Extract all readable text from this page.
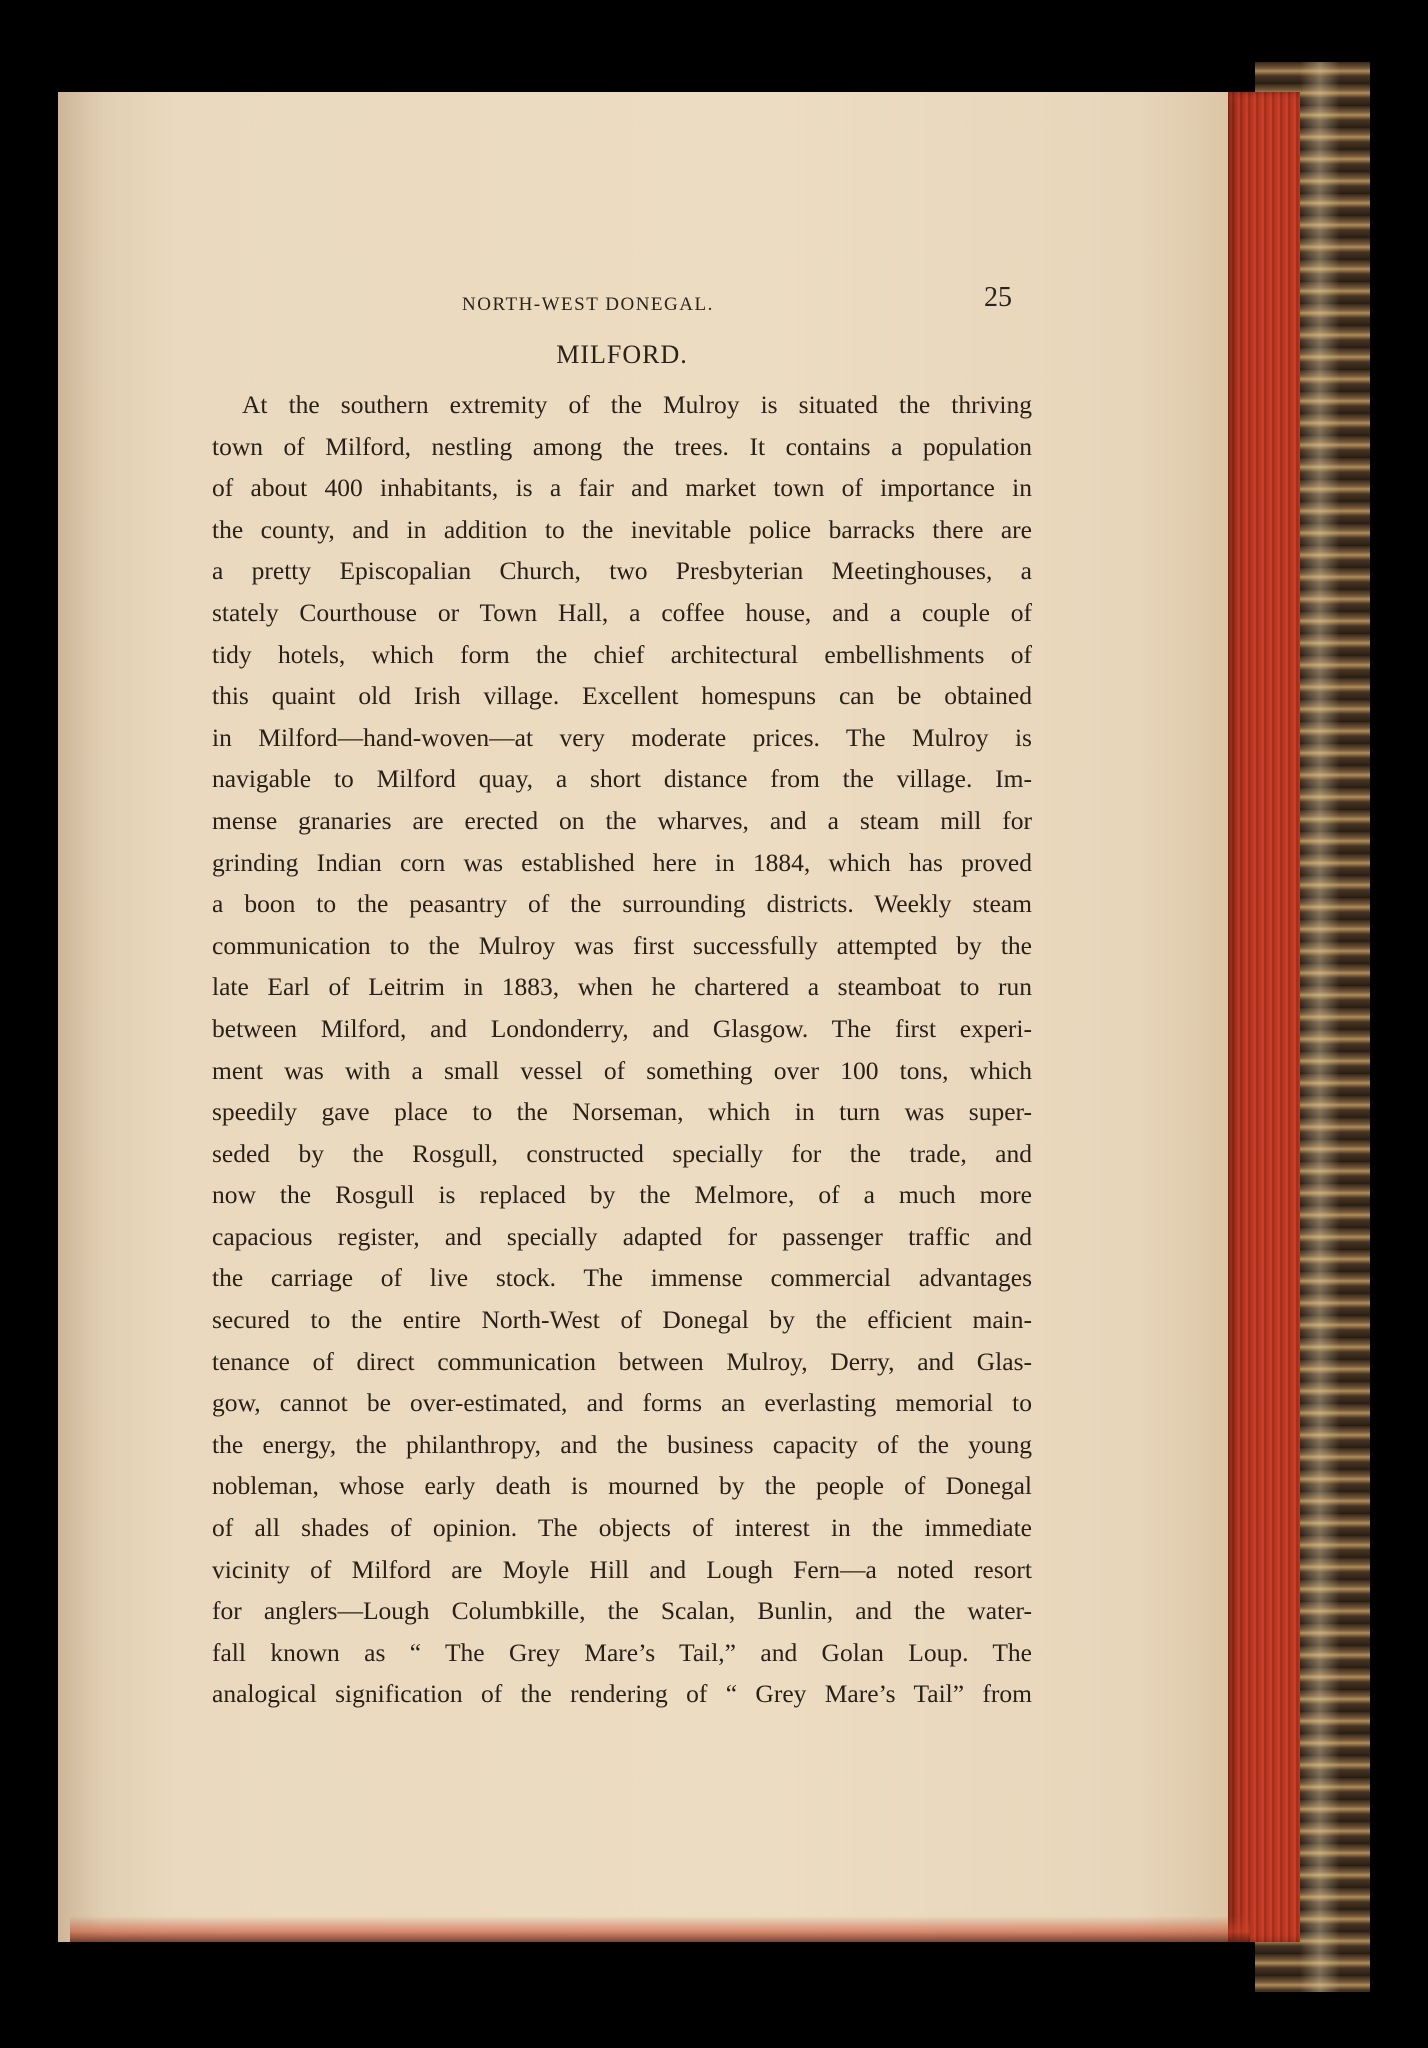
NORTH-WEST DONEGAL.	25
MILFORD.
At the southern extremity of the Mulroy is situated the thriving
town of Milford, nestling among the trees. It contains a population
of about 400 inhabitants, is a fair and market town of importance in
the county, and in addition to the inevitable police barracks there are
a pretty Episcopalian Church, two Presbyterian Meetinghouses, a
stately Courthouse or Town Hall, a coffee house, and a couple of
tidy hotels, which form the chief architectural embellishments of
this quaint old Irish village. Excellent homespuns can be obtained
in Milford—hand-woven—at very moderate prices. The Mulroy is
navigable to Milford quay, a short distance from the village. Im-
mense granaries are erected on the wharves, and a steam mill for
grinding Indian corn was established here in 1884, which has proved
a boon to the peasantry of the surrounding districts. Weekly steam
communication to the Mulroy was first successfully attempted by the
late Earl of Leitrim in 1883, when he chartered a steamboat to run
between Milford, and Londonderry, and Glasgow. The first experi-
ment was with a small vessel of something over 100 tons, which
speedily gave place to the Norseman, which in turn was super-
seded by the Rosgull, constructed specially for the trade, and
now the Rosgull is replaced by the Melmore, of a much more
capacious register, and specially adapted for passenger traffic and
the carriage of live stock. The immense commercial advantages
secured to the entire North-West of Donegal by the efficient main-
tenance of direct communication between Mulroy, Derry, and Glas-
gow, cannot be over-estimated, and forms an everlasting memorial to
the energy, the philanthropy, and the business capacity of the young
nobleman, whose early death is mourned by the people of Donegal
of all shades of opinion. The objects of interest in the immediate
vicinity of Milford are Moyle Hill and Lough Fern—a noted resort
for anglers—Lough Columbkille, the Scalan, Bunlin, and the water-
fall known as “ The Grey Mare’s Tail,” and Golan Loup. The
analogical signification of the rendering of “ Grey Mare’s Tail” from
